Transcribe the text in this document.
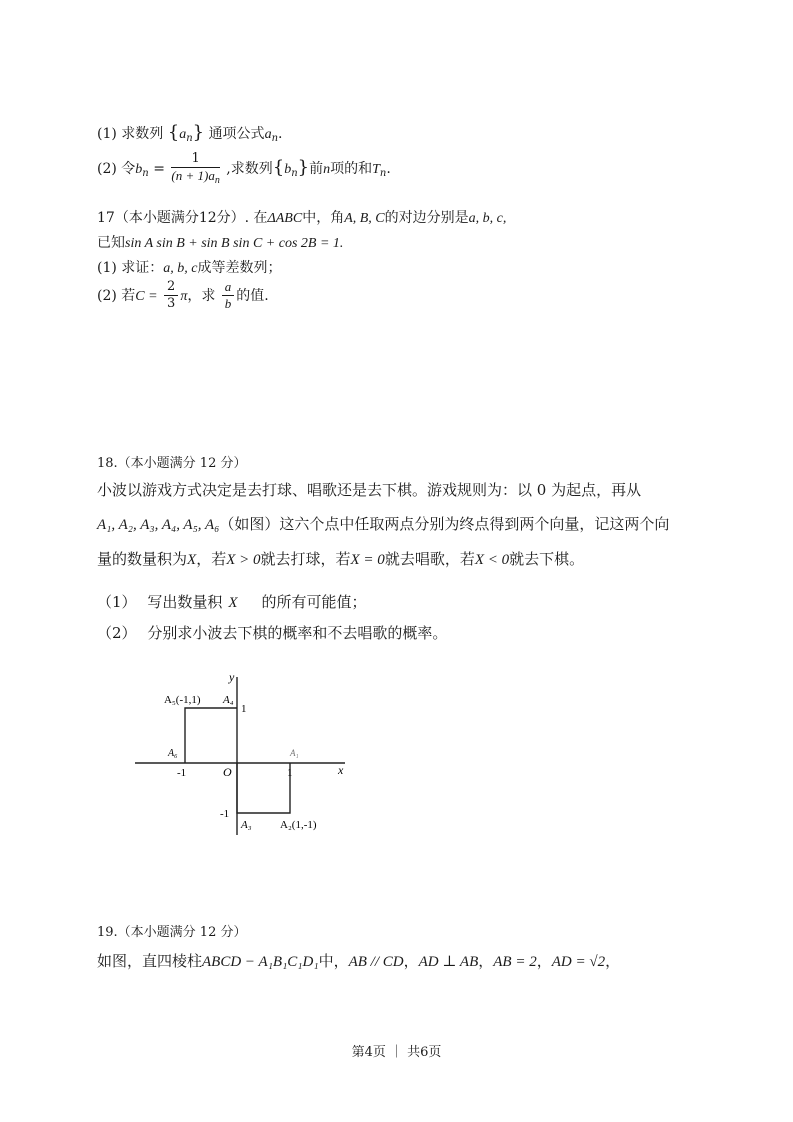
(1) 求数列 $\{a_n\}$ 通项公式$a_n$.
(2) 令$b_n = \frac{1}{(n + 1)a_n}$ ,求数列$\{b_n\}$前n项的和$T_n$.
17（本小题满分12分）. 在ΔABC中，角A, B, C的对边分别是a, b, c,
已知sin A sin B + sin B sin C + cos 2B = 1.
(1) 求证：a, b, c成等差数列；
(2) 若$C = \frac{2}{3}$ π，求 $\frac{a}{b}$ 的值.
18.（本小题满分 12 分）
小波以游戏方式决定是去打球、唱歌还是去下棋。游戏规则为：以 0 为起点，再从
A₁, A₂, A₃, A₄, A₅, A₆（如图）这六个点中任取两点分别为终点得到两个向量，记这两个向
量的数量积为X，若X > 0就去打球，若X = 0就去唱歌，若X < 0就去下棋。
（1） 写出数量积 X 的所有可能值；
（2） 分别求小波去下棋的概率和不去唱歌的概率。
x
y
O
-1	1
1
-1
A₅(-1,1) A₄
A₆	A₁
A₃	A₂(1,-1)
19.（本小题满分 12 分）
如图，直四棱柱ABCD − A₁B₁C₁D₁中，AB // CD，AD ⊥ AB，AB = 2，AD = √2，
第4页 ｜ 共6页
